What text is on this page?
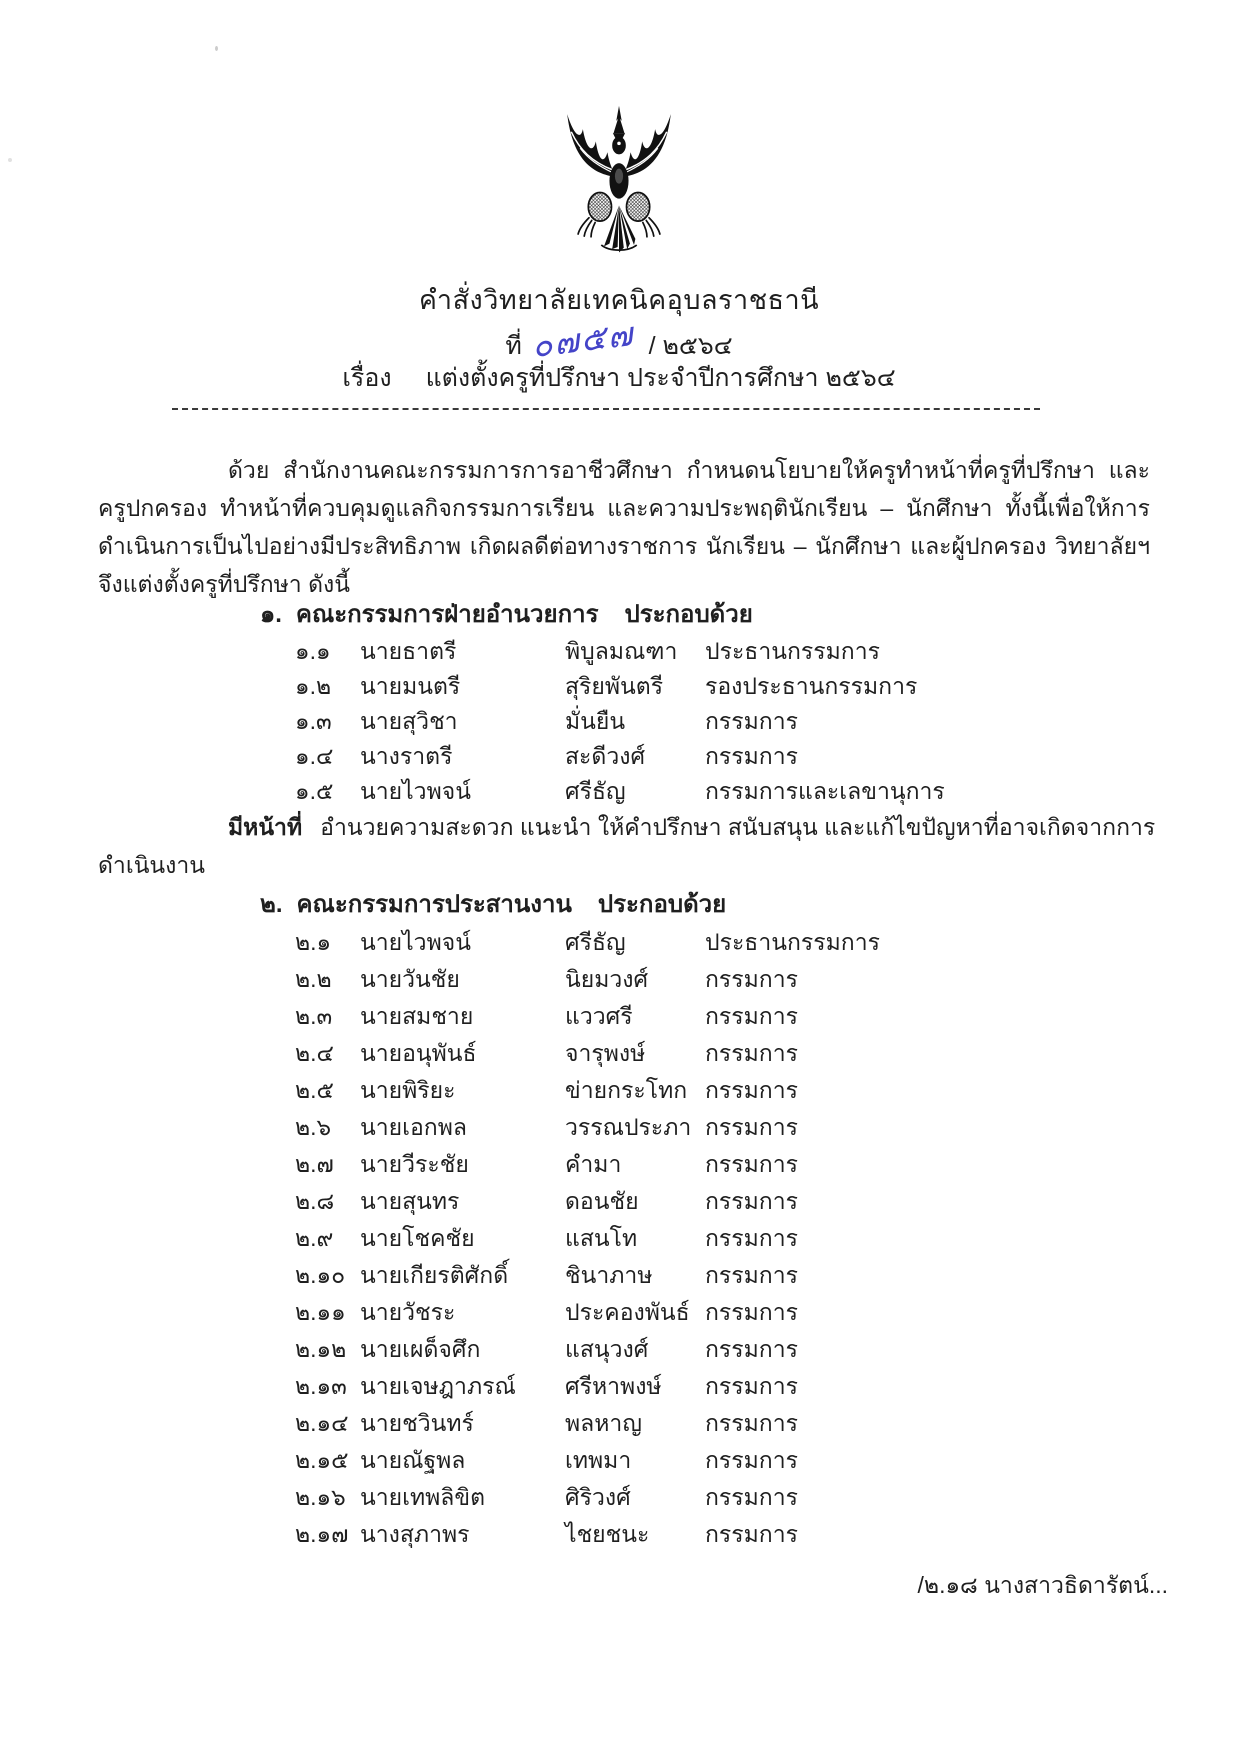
คำสั่งวิทยาลัยเทคนิคอุบลราชธานี
ที่ ๐๗๕๗ / ๒๕๖๔
เรื่อง แต่งตั้งครูที่ปรึกษา ประจำปีการศึกษา ๒๕๖๔

ด้วย สำนักงานคณะกรรมการการอาชีวศึกษา กำหนดนโยบายให้ครูทำหน้าที่ครูที่ปรึกษา และครูปกครอง ทำหน้าที่ควบคุมดูแลกิจกรรมการเรียน และความประพฤตินักเรียน – นักศึกษา ทั้งนี้เพื่อให้การดำเนินการเป็นไปอย่างมีประสิทธิภาพ เกิดผลดีต่อทางราชการ นักเรียน – นักศึกษา และผู้ปกครอง วิทยาลัยฯ จึงแต่งตั้งครูที่ปรึกษา ดังนี้

๑. คณะกรรมการฝ่ายอำนวยการ ประกอบด้วย
๑.๑	นายธาตรี	พิบูลมณฑา	ประธานกรรมการ
๑.๒	นายมนตรี	สุริยพันตรี	รองประธานกรรมการ
๑.๓	นายสุวิชา	มั่นยืน	กรรมการ
๑.๔	นางราตรี	สะดีวงศ์	กรรมการ
๑.๕	นายไวพจน์	ศรีธัญ	กรรมการและเลขานุการ
มีหน้าที่ อำนวยความสะดวก แนะนำ ให้คำปรึกษา สนับสนุน และแก้ไขปัญหาที่อาจเกิดจากการ
ดำเนินงาน
๒. คณะกรรมการประสานงาน ประกอบด้วย
๒.๑	นายไวพจน์	ศรีธัญ	ประธานกรรมการ
๒.๒	นายวันชัย	นิยมวงศ์	กรรมการ
๒.๓	นายสมชาย	แววศรี	กรรมการ
๒.๔	นายอนุพันธ์	จารุพงษ์	กรรมการ
๒.๕	นายพิริยะ	ข่ายกระโทก กรรมการ
๒.๖	นายเอกพล	วรรณประภา กรรมการ
๒.๗	นายวีระชัย	คำมา	กรรมการ
๒.๘	นายสุนทร	ดอนชัย	กรรมการ
๒.๙	นายโชคชัย	แสนโท	กรรมการ
๒.๑๐ นายเกียรติศักดิ์	ชินาภาษ	กรรมการ
๒.๑๑ นายวัชระ	ประคองพันธ์ กรรมการ
๒.๑๒ นายเผด็จศึก	แสนุวงศ์	กรรมการ
๒.๑๓ นายเจษฎาภรณ์	ศรีหาพงษ์	กรรมการ
๒.๑๔ นายชวินทร์	พลหาญ	กรรมการ
๒.๑๕ นายณัฐพล	เทพมา	กรรมการ
๒.๑๖ นายเทพลิขิต	ศิริวงศ์	กรรมการ
๒.๑๗ นางสุภาพร	ไชยชนะ	กรรมการ
/๒.๑๘ นางสาวธิดารัตน์...
